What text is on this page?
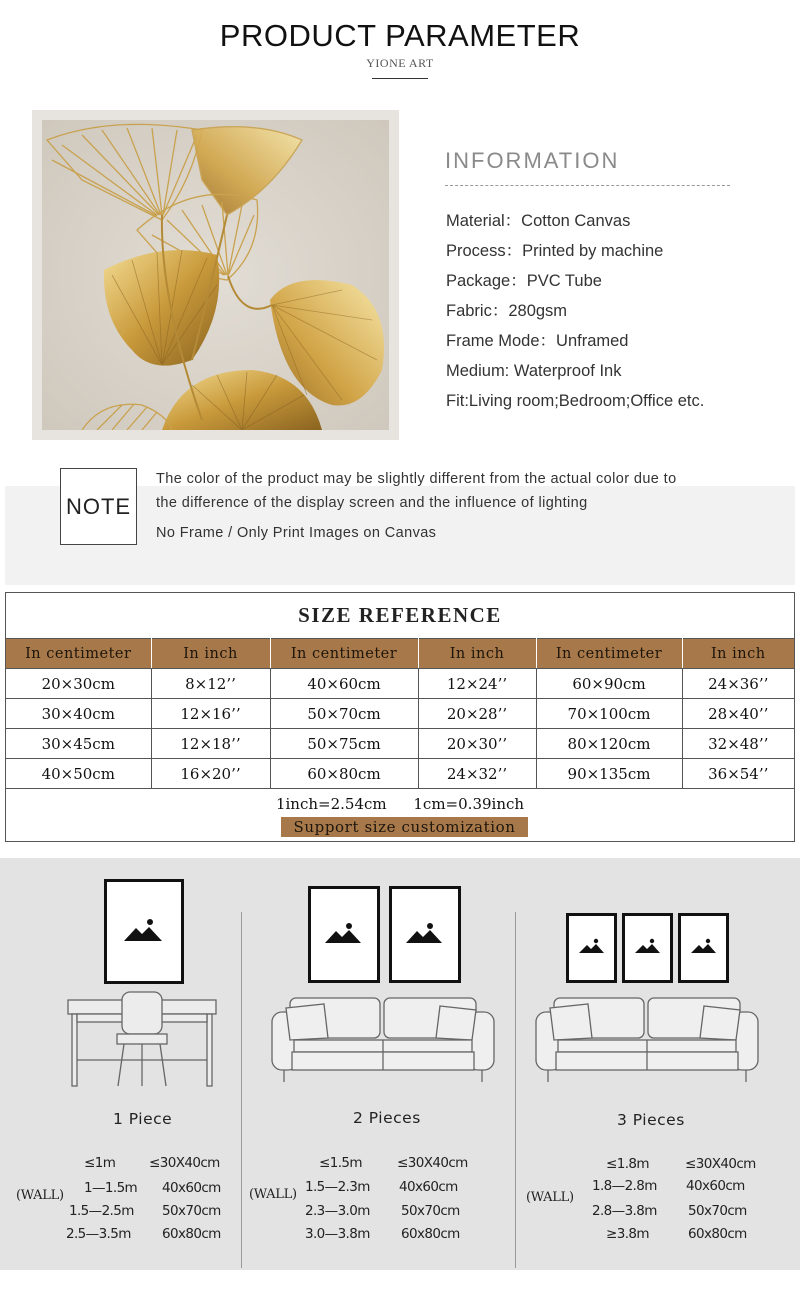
PRODUCT PARAMETER
YIONE ART
INFORMATION
Material：Cotton Canvas
Process：Printed by machine
Package：PVC Tube
Fabric：280gsm
Frame Mode：Unframed
Medium: Waterproof Ink
Fit:Living room;Bedroom;Office etc.
NOTE
The color of the product may be slightly different from the actual color due to
the difference of the display screen and the influence of lighting
No Frame / Only Print Images on Canvas
SIZE REFERENCE
In centimeter	In inch	In centimeter	In inch	In centimeter	In inch
20×30cm	8×12’’	40×60cm	12×24’’	60×90cm	24×36’’
30×40cm	12×16’’	50×70cm	20×28’’	70×100cm	28×40’’
30×45cm	12×18’’	50×75cm	20×30’’	80×120cm	32×48’’
40×50cm	16×20’’	60×80cm	24×32’’	90×135cm	36×54’’
1inch=2.54cm 1cm=0.39inch
Support size customization
1 Piece
(WALL)
≤1m ≤30X40cm
1—1.5m 40x60cm
1.5—2.5m 50x70cm
2.5—3.5m 60x80cm
2 Pieces
(WALL)
≤1.5m	≤30X40cm
1.5—2.3m 40x60cm
2.3—3.0m 50x70cm
3.0—3.8m 60x80cm
3 Pieces
(WALL)
≤1.8m	≤30X40cm
1.8—2.8m 40x60cm
2.8—3.8m 50x70cm
≥3.8m	60x80cm
